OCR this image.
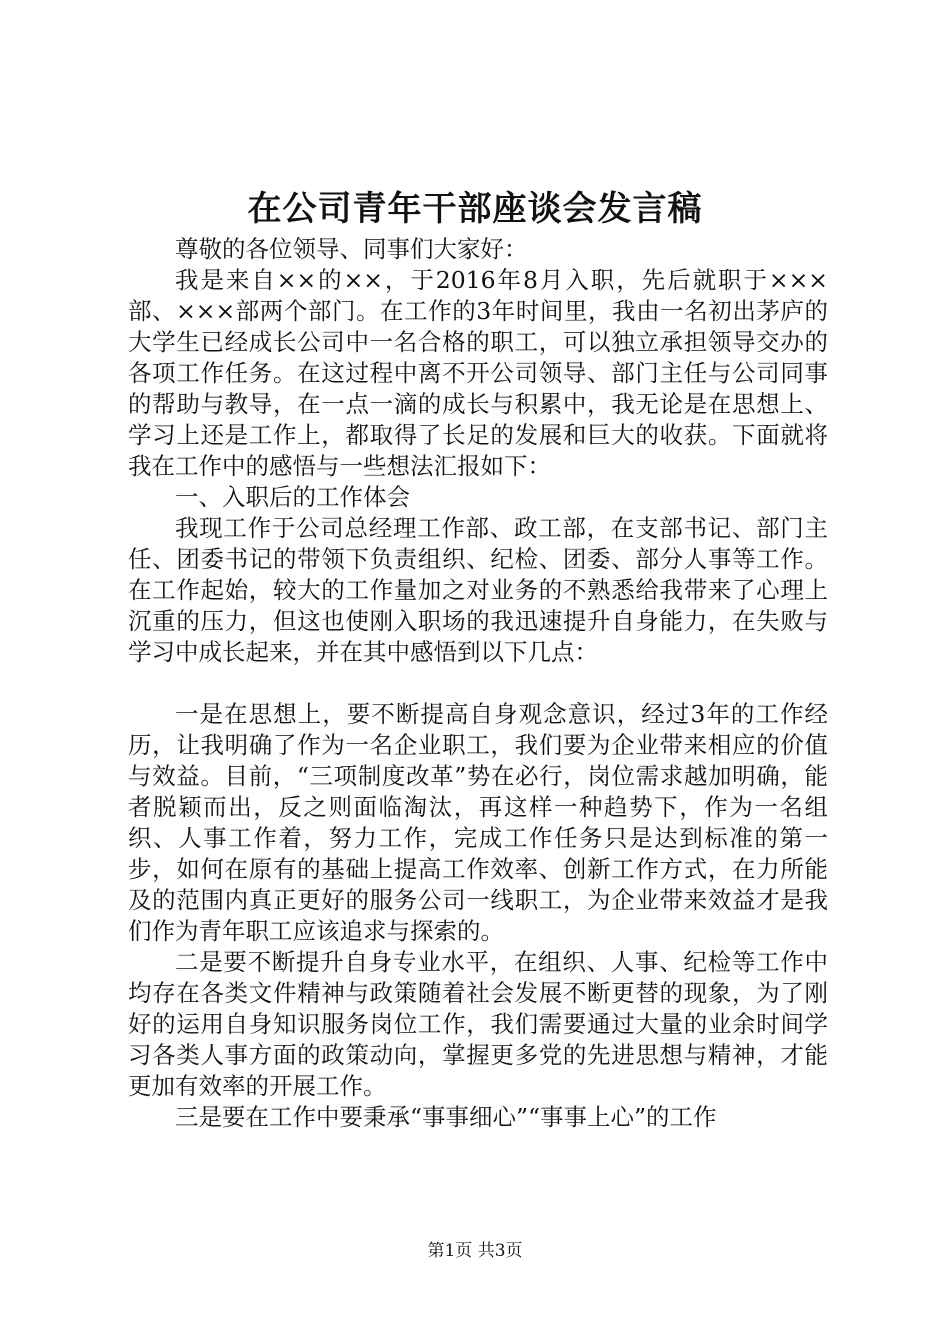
在公司青年干部座谈会发言稿

尊敬的各位领导、同事们大家好：

我是来自××的××，于2016年8月入职，先后就职于×××部、×××部两个部门。在工作的3年时间里，我由一名初出茅庐的大学生已经成长公司中一名合格的职工，可以独立承担领导交办的各项工作任务。在这过程中离不开公司领导、部门主任与公司同事的帮助与教导，在一点一滴的成长与积累中，我无论是在思想上、学习上还是工作上，都取得了长足的发展和巨大的收获。下面就将我在工作中的感悟与一些想法汇报如下：

一、入职后的工作体会

我现工作于公司总经理工作部、政工部，在支部书记、部门主任、团委书记的带领下负责组织、纪检、团委、部分人事等工作。在工作起始，较大的工作量加之对业务的不熟悉给我带来了心理上沉重的压力，但这也使刚入职场的我迅速提升自身能力，在失败与学习中成长起来，并在其中感悟到以下几点：

一是在思想上，要不断提高自身观念意识，经过3年的工作经历，让我明确了作为一名企业职工，我们要为企业带来相应的价值与效益。目前，“三项制度改革”势在必行，岗位需求越加明确，能者脱颖而出，反之则面临淘汰，再这样一种趋势下，作为一名组织、人事工作着，努力工作，完成工作任务只是达到标准的第一步，如何在原有的基础上提高工作效率、创新工作方式，在力所能及的范围内真正更好的服务公司一线职工，为企业带来效益才是我们作为青年职工应该追求与探索的。

二是要不断提升自身专业水平，在组织、人事、纪检等工作中均存在各类文件精神与政策随着社会发展不断更替的现象，为了刚好的运用自身知识服务岗位工作，我们需要通过大量的业余时间学习各类人事方面的政策动向，掌握更多党的先进思想与精神，才能更加有效率的开展工作。

三是要在工作中要秉承“事事细心”“事事上心”的工作

第1页 共3页
